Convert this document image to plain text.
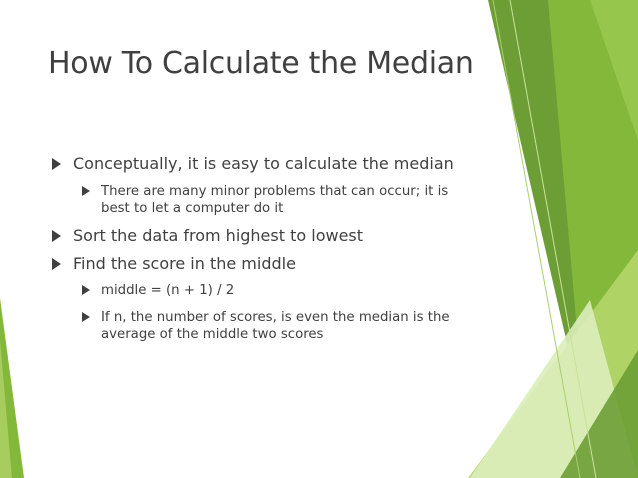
How To Calculate the Median
Conceptually, it is easy to calculate the median
There are many minor problems that can occur; it is best to let a computer do it
Sort the data from highest to lowest
Find the score in the middle
middle = (n + 1) / 2
If n, the number of scores, is even the median is the average of the middle two scores
